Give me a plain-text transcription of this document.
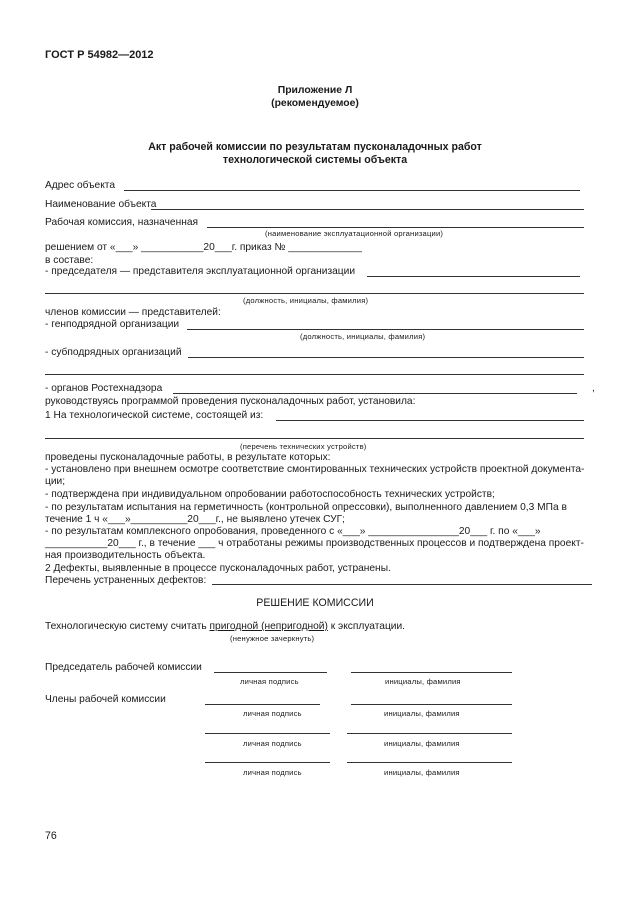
ГОСТ Р 54982—2012
Приложение Л
(рекомендуемое)
Акт рабочей комиссии по результатам пусконаладочных работ
технологической системы объекта
Адрес объекта
Наименование объекта
Рабочая комиссия, назначенная
(наименование эксплуатационной организации)
решением от «___» ___________20___г. приказ № _____________
в составе:
- председателя — представителя эксплуатационной организации
(должность, инициалы, фамилия)
членов комиссии — представителей:
- генподрядной организации
(должность, инициалы, фамилия)
- субподрядных организаций
- органов Ростехнадзора	,
руководствуясь программой проведения пусконаладочных работ, установила:
1 На технологической системе, состоящей из:
(перечень технических устройств)
проведены пусконаладочные работы, в результате которых:
- установлено при внешнем осмотре соответствие смонтированных технических устройств проектной документа-
ции;
- подтверждена при индивидуальном опробовании работоспособность технических устройств;
- по результатам испытания на герметичность (контрольной опрессовки), выполненного давлением 0,3 МПа в
течение 1 ч «___»__________20___г., не выявлено утечек СУГ;
- по результатам комплексного опробования, проведенного с «___» ________________20___ г. по «___»
___________20___ г., в течение ___ ч отработаны режимы производственных процессов и подтверждена проект-
ная производительность объекта.
2 Дефекты, выявленные в процессе пусконаладочных работ, устранены.
Перечень устраненных дефектов:
РЕШЕНИЕ КОМИССИИ
Технологическую систему считать пригодной (непригодной) к эксплуатации.
(ненужное зачеркнуть)
Председатель рабочей комиссии
личная подпись	инициалы, фамилия
Члены рабочей комиссии
личная подпись	инициалы, фамилия
личная подпись	инициалы, фамилия
личная подпись	инициалы, фамилия
76
